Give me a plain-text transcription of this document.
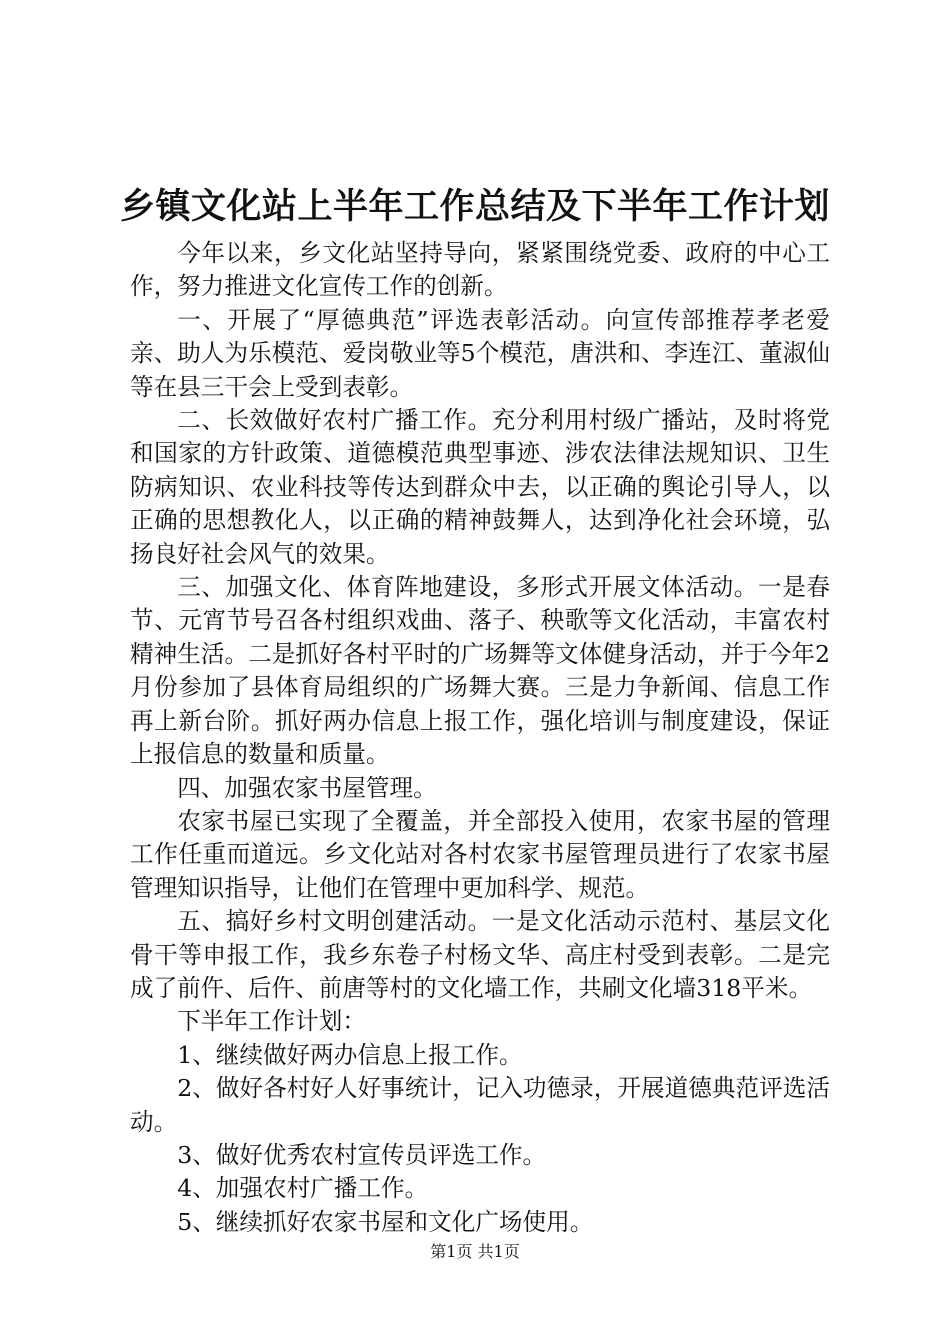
乡镇文化站上半年工作总结及下半年工作计划

今年以来，乡文化站坚持导向，紧紧围绕党委、政府的中心工作，努力推进文化宣传工作的创新。

一、开展了“厚德典范”评选表彰活动。向宣传部推荐孝老爱亲、助人为乐模范、爱岗敬业等5个模范，唐洪和、李连江、董淑仙等在县三干会上受到表彰。

二、长效做好农村广播工作。充分利用村级广播站，及时将党和国家的方针政策、道德模范典型事迹、涉农法律法规知识、卫生防病知识、农业科技等传达到群众中去，以正确的舆论引导人，以正确的思想教化人，以正确的精神鼓舞人，达到净化社会环境，弘扬良好社会风气的效果。

三、加强文化、体育阵地建设，多形式开展文体活动。一是春节、元宵节号召各村组织戏曲、落子、秧歌等文化活动，丰富农村精神生活。二是抓好各村平时的广场舞等文体健身活动，并于今年2月份参加了县体育局组织的广场舞大赛。三是力争新闻、信息工作再上新台阶。抓好两办信息上报工作，强化培训与制度建设，保证上报信息的数量和质量。

四、加强农家书屋管理。

农家书屋已实现了全覆盖，并全部投入使用，农家书屋的管理工作任重而道远。乡文化站对各村农家书屋管理员进行了农家书屋管理知识指导，让他们在管理中更加科学、规范。

五、搞好乡村文明创建活动。一是文化活动示范村、基层文化骨干等申报工作，我乡东卷子村杨文华、高庄村受到表彰。二是完成了前仵、后仵、前唐等村的文化墙工作，共刷文化墙318平米。

下半年工作计划：

1、继续做好两办信息上报工作。

2、做好各村好人好事统计，记入功德录，开展道德典范评选活动。

3、做好优秀农村宣传员评选工作。

4、加强农村广播工作。

5、继续抓好农家书屋和文化广场使用。

第1页 共1页
